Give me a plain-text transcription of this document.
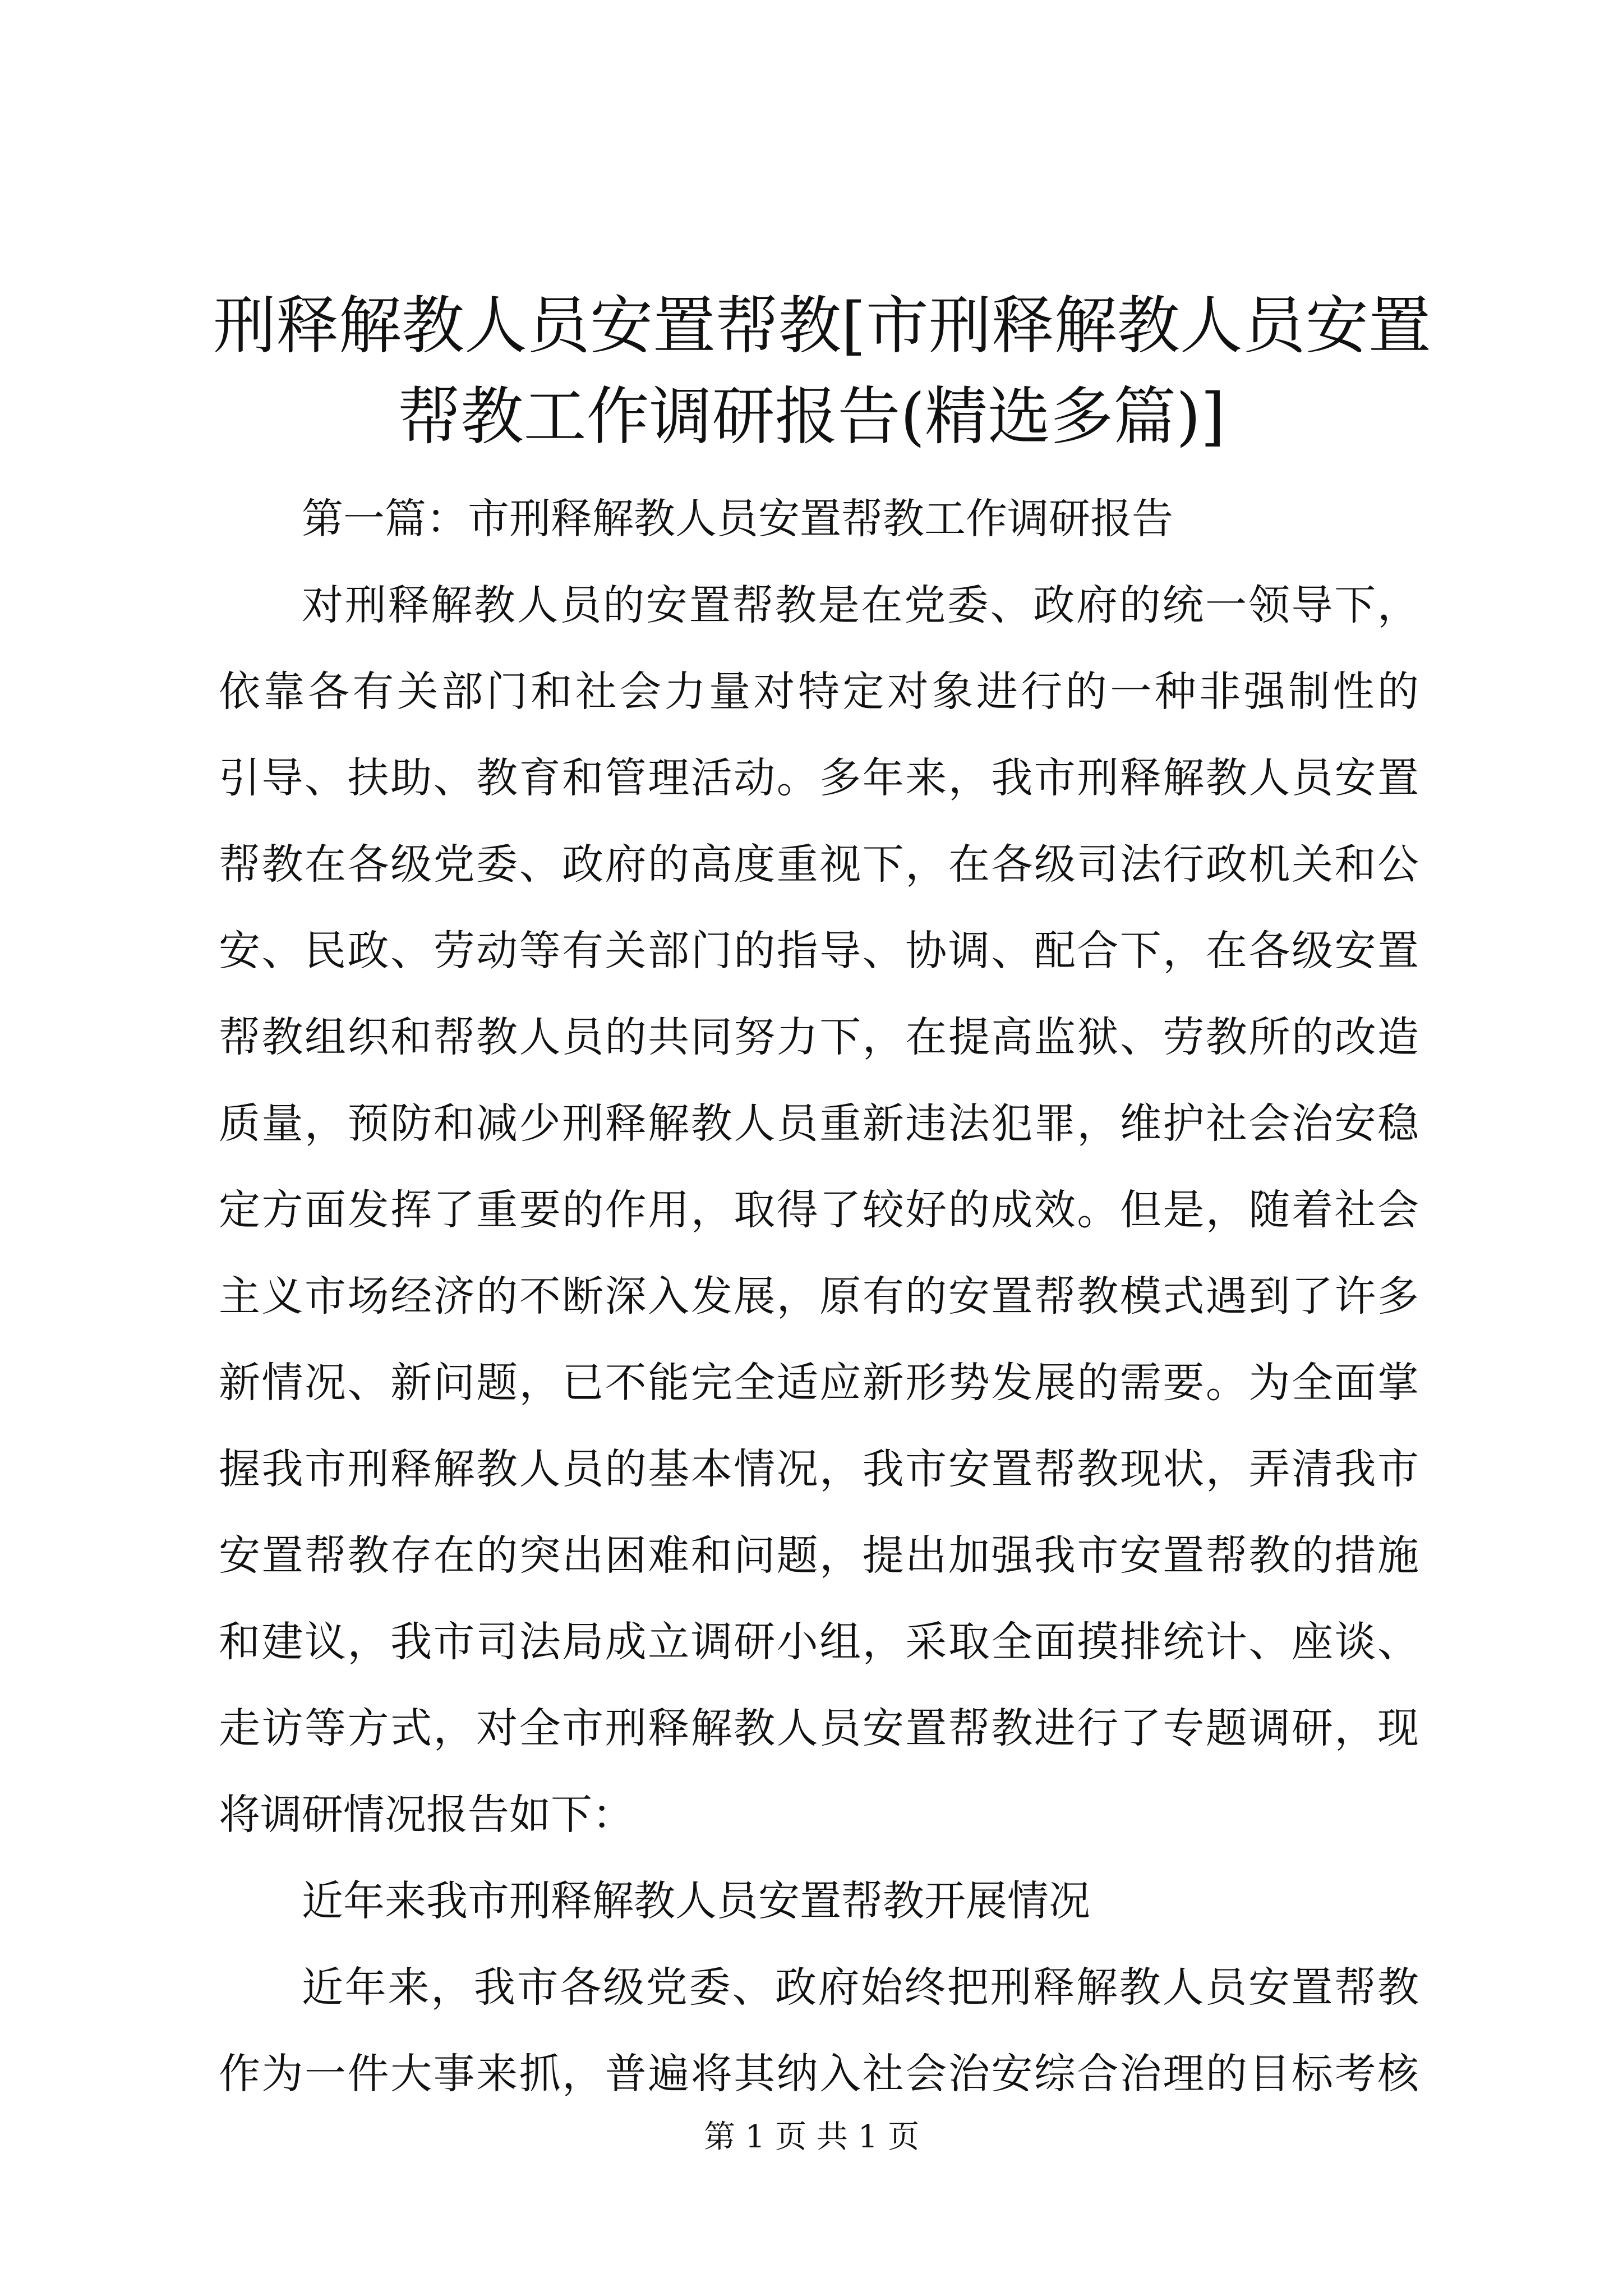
刑释解教人员安置帮教[市刑释解教人员安置
帮教工作调研报告(精选多篇)]
第一篇：市刑释解教人员安置帮教工作调研报告
对刑释解教人员的安置帮教是在党委、政府的统一领导下，
依靠各有关部门和社会力量对特定对象进行的一种非强制性的
引导、扶助、教育和管理活动。多年来，我市刑释解教人员安置
帮教在各级党委、政府的高度重视下，在各级司法行政机关和公
安、民政、劳动等有关部门的指导、协调、配合下，在各级安置
帮教组织和帮教人员的共同努力下，在提高监狱、劳教所的改造
质量，预防和减少刑释解教人员重新违法犯罪，维护社会治安稳
定方面发挥了重要的作用，取得了较好的成效。但是，随着社会
主义市场经济的不断深入发展，原有的安置帮教模式遇到了许多
新情况、新问题，已不能完全适应新形势发展的需要。为全面掌
握我市刑释解教人员的基本情况，我市安置帮教现状，弄清我市
安置帮教存在的突出困难和问题，提出加强我市安置帮教的措施
和建议，我市司法局成立调研小组，采取全面摸排统计、座谈、
走访等方式，对全市刑释解教人员安置帮教进行了专题调研，现
将调研情况报告如下：
近年来我市刑释解教人员安置帮教开展情况
近年来，我市各级党委、政府始终把刑释解教人员安置帮教
作为一件大事来抓，普遍将其纳入社会治安综合治理的目标考核
第 1 页 共 1 页
